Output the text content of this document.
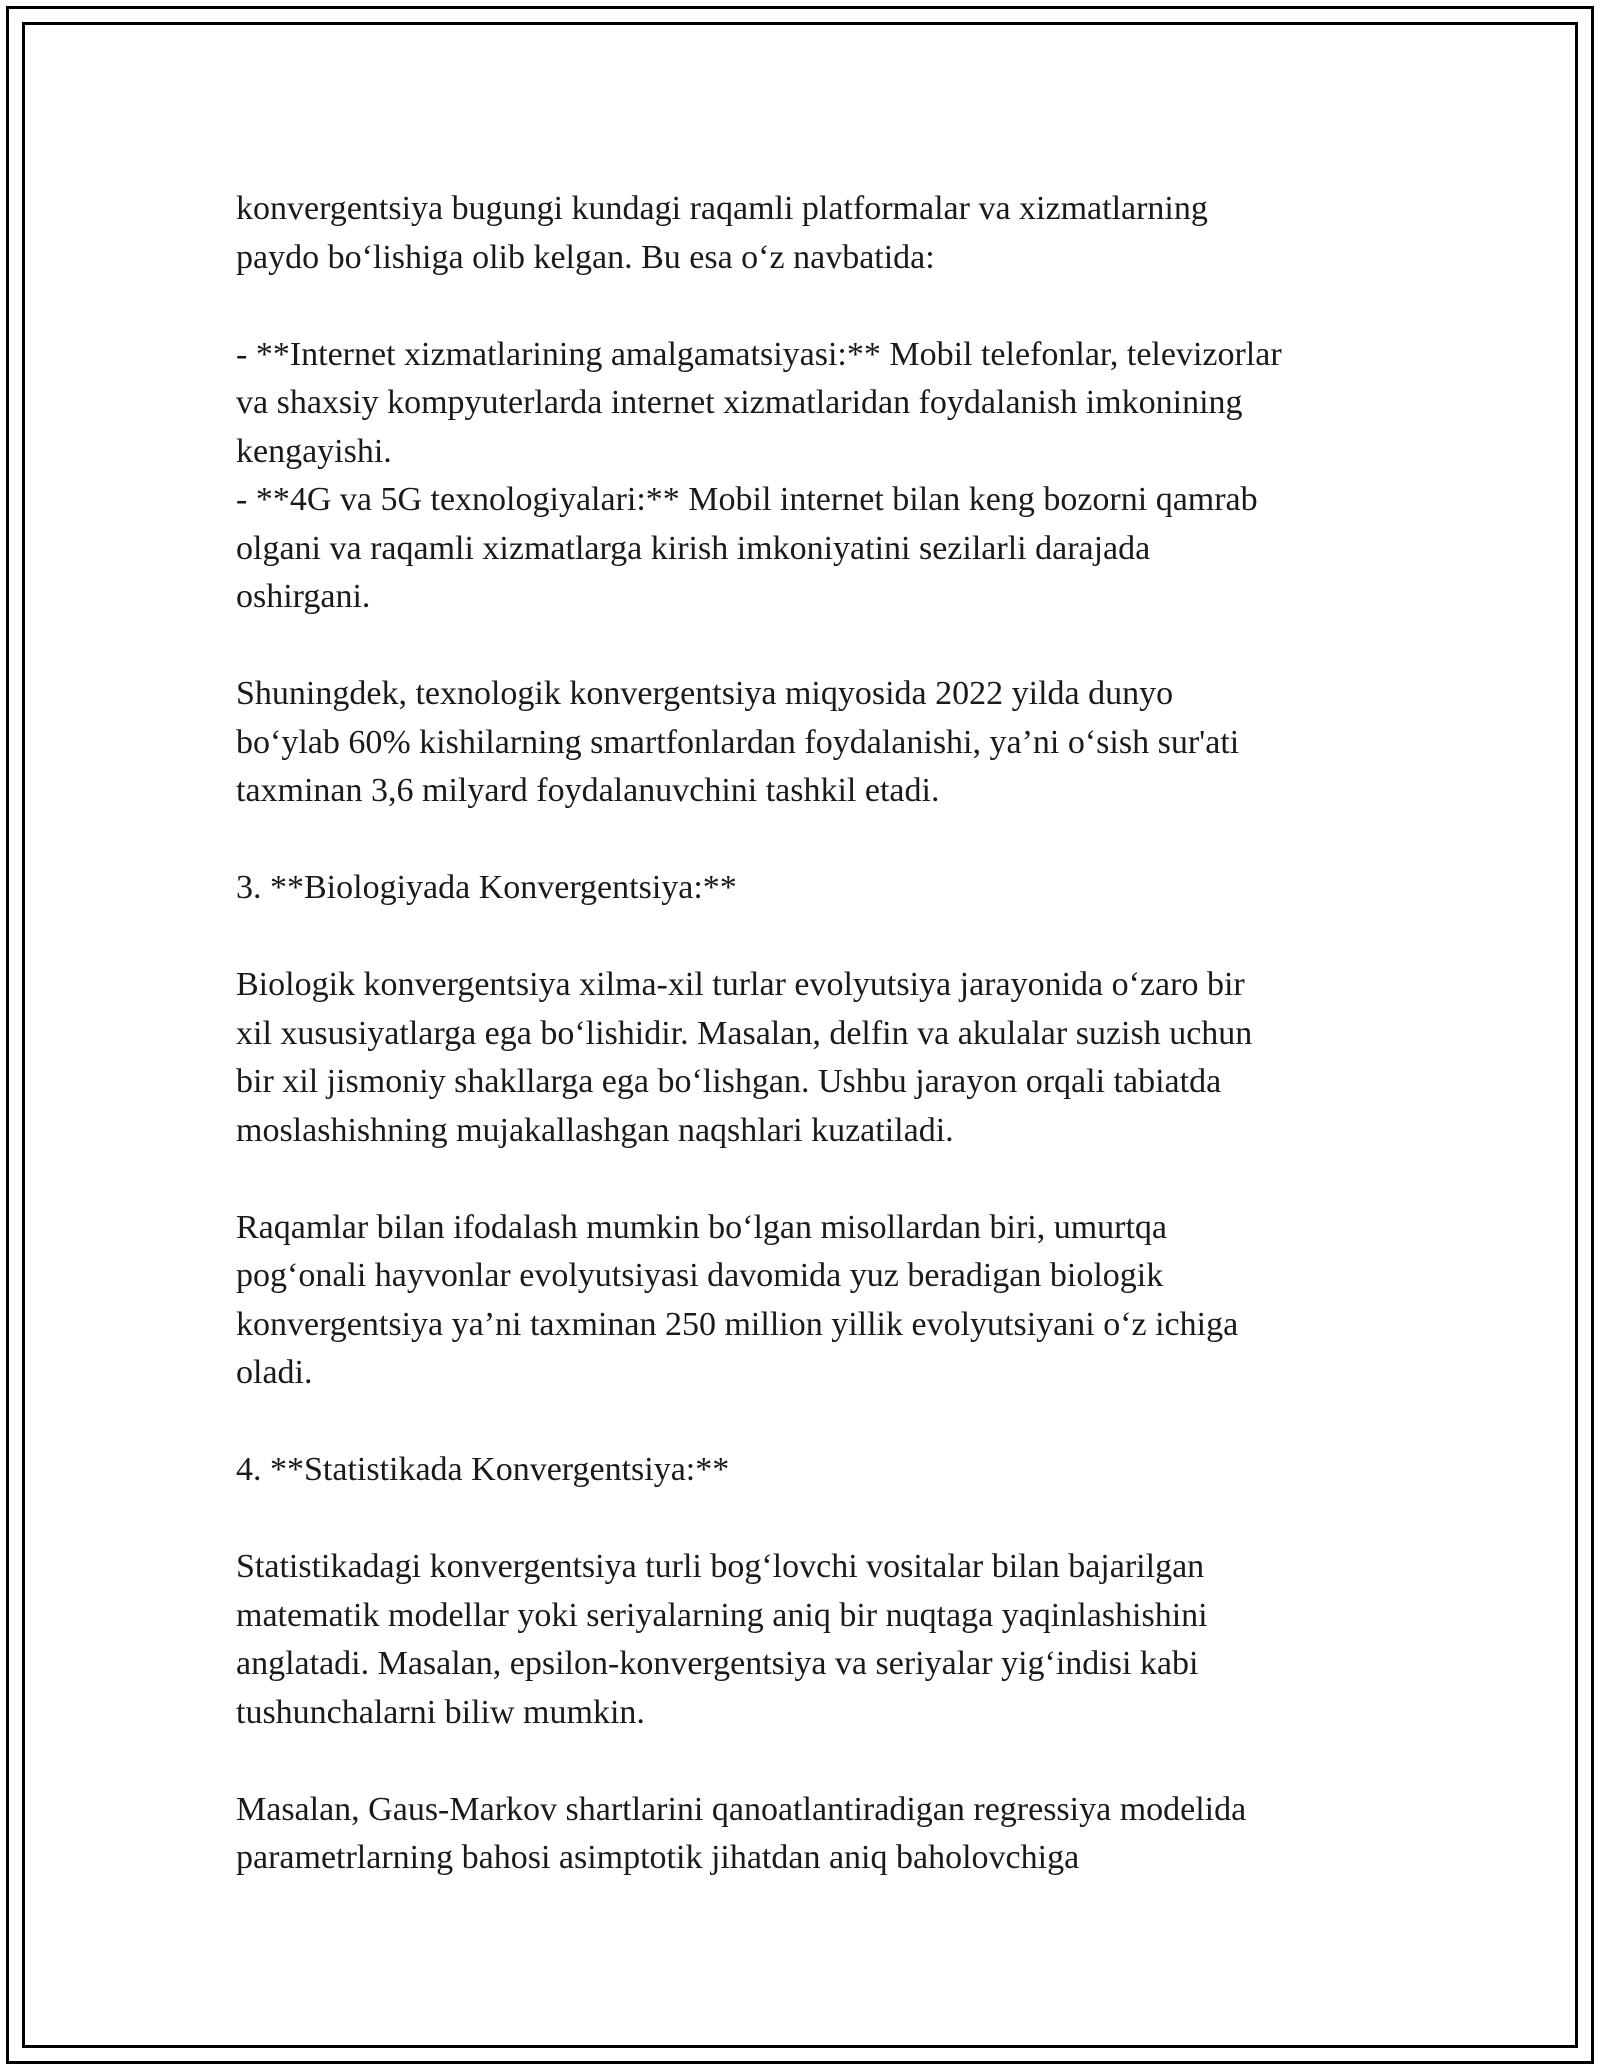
konvergentsiya bugungi kundagi raqamli platformalar va xizmatlarning
paydo bo‘lishiga olib kelgan. Bu esa o‘z navbatida:
- **Internet xizmatlarining amalgamatsiyasi:** Mobil telefonlar, televizorlar
va shaxsiy kompyuterlarda internet xizmatlaridan foydalanish imkonining
kengayishi.
- **4G va 5G texnologiyalari:** Mobil internet bilan keng bozorni qamrab
olgani va raqamli xizmatlarga kirish imkoniyatini sezilarli darajada
oshirgani.
Shuningdek, texnologik konvergentsiya miqyosida 2022 yilda dunyo
bo‘ylab 60% kishilarning smartfonlardan foydalanishi, ya’ni o‘sish sur'ati
taxminan 3,6 milyard foydalanuvchini tashkil etadi.
3. **Biologiyada Konvergentsiya:**
Biologik konvergentsiya xilma-xil turlar evolyutsiya jarayonida o‘zaro bir
xil xususiyatlarga ega bo‘lishidir. Masalan, delfin va akulalar suzish uchun
bir xil jismoniy shakllarga ega bo‘lishgan. Ushbu jarayon orqali tabiatda
moslashishning mujakallashgan naqshlari kuzatiladi.
Raqamlar bilan ifodalash mumkin bo‘lgan misollardan biri, umurtqa
pog‘onali hayvonlar evolyutsiyasi davomida yuz beradigan biologik
konvergentsiya ya’ni taxminan 250 million yillik evolyutsiyani o‘z ichiga
oladi.
4. **Statistikada Konvergentsiya:**
Statistikadagi konvergentsiya turli bog‘lovchi vositalar bilan bajarilgan
matematik modellar yoki seriyalarning aniq bir nuqtaga yaqinlashishini
anglatadi. Masalan, epsilon-konvergentsiya va seriyalar yig‘indisi kabi
tushunchalarni biliw mumkin.
Masalan, Gaus-Markov shartlarini qanoatlantiradigan regressiya modelida
parametrlarning bahosi asimptotik jihatdan aniq baholovchiga
